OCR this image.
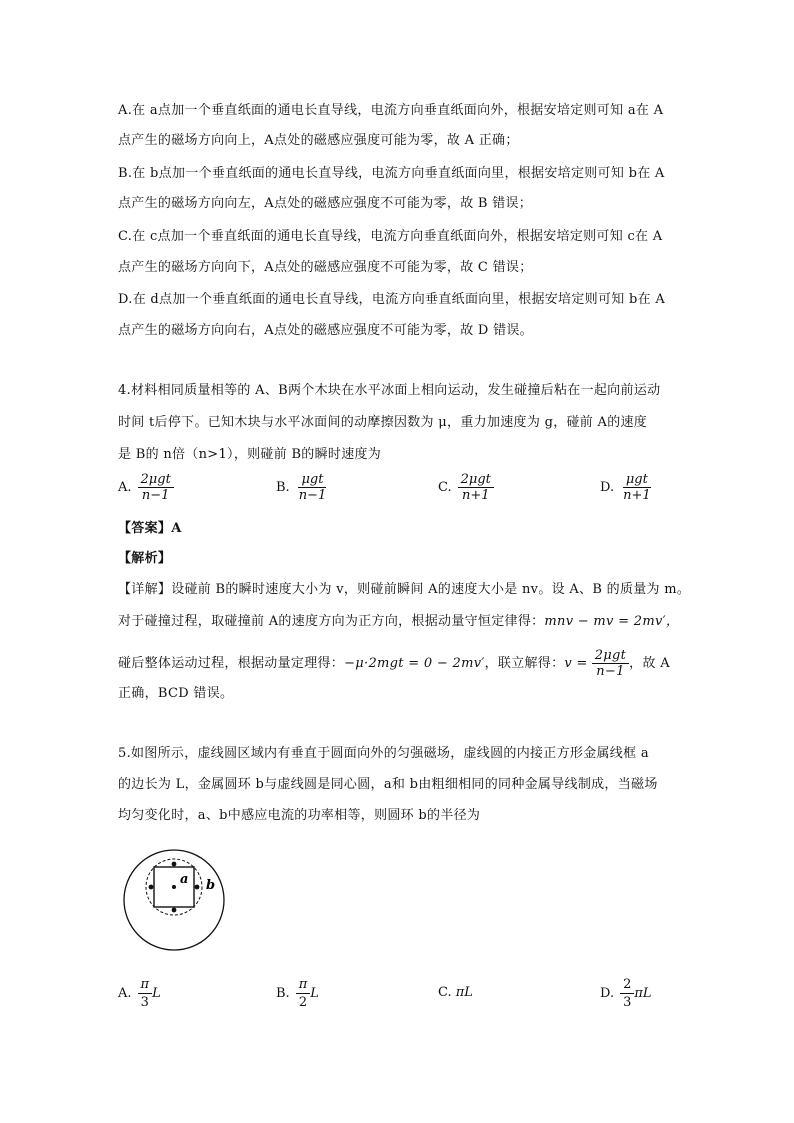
A.在 a点加一个垂直纸面的通电长直导线，电流方向垂直纸面向外，根据安培定则可知 a在 A
点产生的磁场方向向上，A点处的磁感应强度可能为零，故 A 正确；
B.在 b点加一个垂直纸面的通电长直导线，电流方向垂直纸面向里，根据安培定则可知 b在 A
点产生的磁场方向向左，A点处的磁感应强度不可能为零，故 B 错误；
C.在 c点加一个垂直纸面的通电长直导线，电流方向垂直纸面向外，根据安培定则可知 c在 A
点产生的磁场方向向下，A点处的磁感应强度不可能为零，故 C 错误；
D.在 d点加一个垂直纸面的通电长直导线，电流方向垂直纸面向里，根据安培定则可知 b在 A
点产生的磁场方向向右，A点处的磁感应强度不可能为零，故 D 错误。
4.材料相同质量相等的 A、B两个木块在水平冰面上相向运动，发生碰撞后粘在一起向前运动
时间 t后停下。已知木块与水平冰面间的动摩擦因数为 μ，重力加速度为 g，碰前 A的速度
是 B的 n倍（n>1），则碰前 B的瞬时速度为
A. $\frac{\text{2μgt}}{n-1}$	B. $\frac{\text{μgt}}{n-1}$	C. $\frac{\text{2μgt}}{n+1}$	D. $\frac{\text{μgt}}{n+1}$
【答案】A
【解析】
【详解】设碰前 B的瞬时速度大小为 v，则碰前瞬间 A的速度大小是 nv。设 A、B 的质量为 m。
对于碰撞过程，取碰撞前 A的速度方向为正方向，根据动量守恒定律得：mnv − mv = 2mv′，
碰后整体运动过程，根据动量定理得：−μ·2mgt = 0 − 2mv′，联立解得：$v = \frac{\text{2μgt}}{n-1}$ ，故 A
正确，BCD 错误。
5.如图所示，虚线圆区域内有垂直于圆面向外的匀强磁场，虚线圆的内接正方形金属线框 a
的边长为 L，金属圆环 b与虚线圆是同心圆，a和 b由粗细相同的同种金属导线制成，当磁场
均匀变化时，a、b中感应电流的功率相等，则圆环 b的半径为
a b
A. $\frac{\pi}{3}$ L	B. $\frac{\pi}{2}$ L	C. πL	D. $\frac{2}{3}$ πL
